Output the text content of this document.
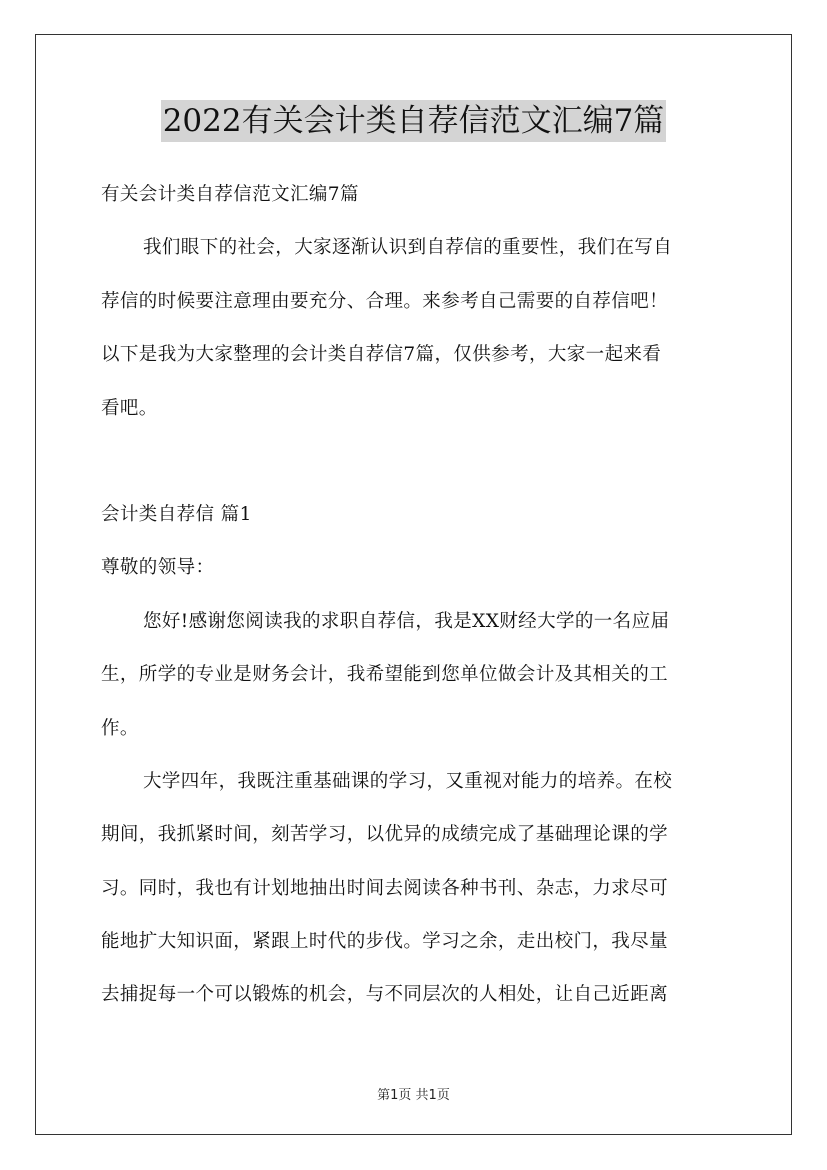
2022有关会计类自荐信范文汇编7篇
有关会计类自荐信范文汇编7篇
我们眼下的社会，大家逐渐认识到自荐信的重要性，我们在写自
荐信的时候要注意理由要充分、合理。来参考自己需要的自荐信吧！
以下是我为大家整理的会计类自荐信7篇，仅供参考，大家一起来看
看吧。
会计类自荐信 篇1
尊敬的领导：
您好!感谢您阅读我的求职自荐信，我是XX财经大学的一名应届
生，所学的专业是财务会计，我希望能到您单位做会计及其相关的工
作。
大学四年，我既注重基础课的学习，又重视对能力的培养。在校
期间，我抓紧时间，刻苦学习，以优异的成绩完成了基础理论课的学
习。同时，我也有计划地抽出时间去阅读各种书刊、杂志，力求尽可
能地扩大知识面，紧跟上时代的步伐。学习之余，走出校门，我尽量
去捕捉每一个可以锻炼的机会，与不同层次的人相处，让自己近距离
第1页 共1页
